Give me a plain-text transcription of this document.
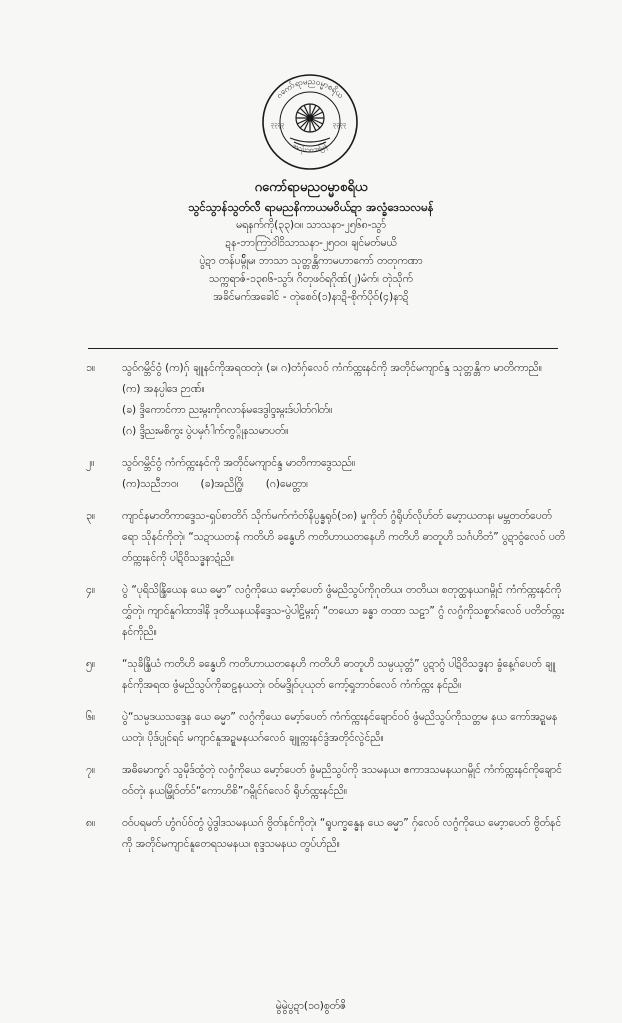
ဂကော်ရာမည၀မ္မာစရိယ
အလုံး၁၀အမြန်
၃၃၃၃	၃၃၃၃
ဂကော်ရာမည၀မ္မာစရိယ
သွင်သွာန်သွတ်လ်ိ ရာမညနိကာယမ၀ိယ်ဍာ အလ္ခံဒေသလမန်
မရနက်ကို(၃၃)၀။ သာသနာ-၂၅၆၈-သွာ်
ဍန-ဘာကြာဲ၀ါဲ၁ိသာသနာ-၂၅၀၀၊ ချင်မတ်မယိ
ပွဲဍာ တန်ပမ္ဂ်ိုမ၊ ဘာသာ သုတ္တန္တိကာမဟာကော် တတုကဏာ
သက္ကရာဇ်-၁၃၈၆-သွာ်၊ ဂိတုဖဝ်ရဂိုဏ်(၂)မံက်၊ တုဲသိုက်
အခိင်မက်အခေါင် - တုဲစေဝ်(၁)နာဍိ-စိုက်ပိုဝ်(၄)နာဍိ
၁။	သွဝ်ဂမ္ဘိင်ဝွံ (က)ဂှ် ချူနင်ကိုအရထတုဲ၊ (ခ၊ ဂ)တံဂှ်လေဝ် ကံက်ထ္ကးနင်ကို အတိုင်မကျာင်န္ဒ သုတ္တန္တိက မာတိကာညိ။
(က) အနပ္ပါဒေ ဉာဏ်။
(ခ) ဒ္ဒိကောင်ကာ ညးမ္ဂးကိုဂလာန်မဒေဒွါဝ္ဒးမ္ဂးဒ်ပါတ်ဂါတ်။
(ဂ) ဒ္ဒိညးမစိကွး ပွဲပမှင်္ဂါက်ကွ္ဂိုနသမာပတ်။
၂။	သွဝ်ဂမ္ဘိင်ဝွံ ကံက်ထ္ကးနင်ကို အတိုင်မကျာင်န္ဒ မာတိကာဒွေသည်။
(က)သညီဘ၀၊ (ခ)အညိဂ္ဂြိ၊ (ဂ)မေတ္တာ၊
၃။	ကျာင်နမာတိကာဒ္ဒေသ-ရှပ်စာတိဂ် သိုက်မက်ကံတ်နိပ္ပန္ခရုဝ်(၁၈) မှုကိုတ် ဂွံရိုဟ်လိုဟ်တ် မော့ာယတန၊ မမ္ဘတတ်ပေတ်ရော သိုနင်ကိုတုဲ၊ “သဍာယတနံ ကတိဟိ ခန္ဓေဟိ ကတိဟာယတနေဟိ ကတိဟိ ဓာတူဟိ သင်္ဂဟိတံ” ပွဍာဝွံလေဝ် ပတိတ်ထ္ကးနင်ကို ပါဍိဝိသဒ္ဓနာဍံညိ။
၄။	ပွဲ “ပုရိသိန္ဒြိယေန ယေ ဓမ္မာ” လဂွံကိုယေ မော့ာ်ပေတ် ဖွံမညိသွပ်ကိုဂုတိယ၊ တတိယ၊ စတုတ္ထနယဂမ္ဂိုင် ကံက်ထ္ကးနင်ကိုတွှ်တုဲ၊ ကျာင်နူဂါထာဒါနိ ဒုတိယနယနိဒ္ဒေသ-ပွဲပါဠိမ္ဂးဂှ် “တယော ခန္ဓာ တထာ သဠာ” ဂွံ လဂွံကိုသစ္စာဂ်လေဝ် ပတိတ်ထ္ကးနင်ကိုညိ။
၅။	“သုခိန္ဒြိယံ ကတိဟိ ခန္ဓေဟိ ကတိဟာယတနေဟိ ကတိဟိ ဓာတူဟိ သမ္ပယုတ္တံ” ပွဍာဂွံ ပါဍိဝိသဒ္ဓနာ ခွံနေ့ဂ်ပေတ် ချူနင်ကိုအရထ ဖွံမညိသွပ်ကိုဆဠနယတုဲ၊ ဝဝ်မဒ္ဒိုဝ်ပုယုတ် ကော့်ရှုဘာဝ်လေဝ် ကံက်ထ္ကး နင်ညိ။
၆။	ပွဲ“သမ္ပဒယသဒ္ဒေန ယေ ဓမ္မာ” လဂွံကိုယေ မော့ာ်ပေတ် ကံက်ထ္ကးနင်ချောင်ဝဝ် ဖွံမညိသွပ်ကိုသတ္တမ နယ ကော်အဍ္ဍမနယတုဲ၊ ပိုဒ်ပ္ပုင်ရင် မကျာင်နူအဍ္ဍမနယဂ်လေဝ် ချူတ္ကးနင်ဒွံအတိုင်လွဲင်ညိ။
၇။	အဓိမောက္ခဂ် သွမိုဒ်ထွံတုဲ လဂွံကိုယေ မော့ာ်ပေတ် ဖွံမညိသွပ်ကို ဒသမနယ၊ ဧကာဒသမနယဂမ္ဂိုင် ကံက်ထ္ကးနင်ကိုချောင်ဝဝ်တုဲ၊ နယမ္ဂြိုဝ်တ်ဝ်“ကောဟိစိ”ဂမ္ဂိုင်ဂ်လေဝ် ရိုဟ်ထ္ကးနင်ညိ။
၈။	ဝဝ်ပရမတ် ဟွံဂပ်ဝ်တွံ ပွဲဒွါဒသမနယဂ် ဗွိတ်နင်ကိုတုဲ၊ “ရူပက္ခန္ဓေန ယေ ဓမ္မာ” ဂှ်လေဝ် လဂွံကိုယေ မော့ာပေတ် ဗွိတ်နင်ကို အတိုင်မကျာင်နူတေရသမနယ၊ စုဒ္ဒသမနယ တွပ်ဟ်ညိ။
မွဲမွဲပွဍာ(၁၀)စွတ်ဇိ
